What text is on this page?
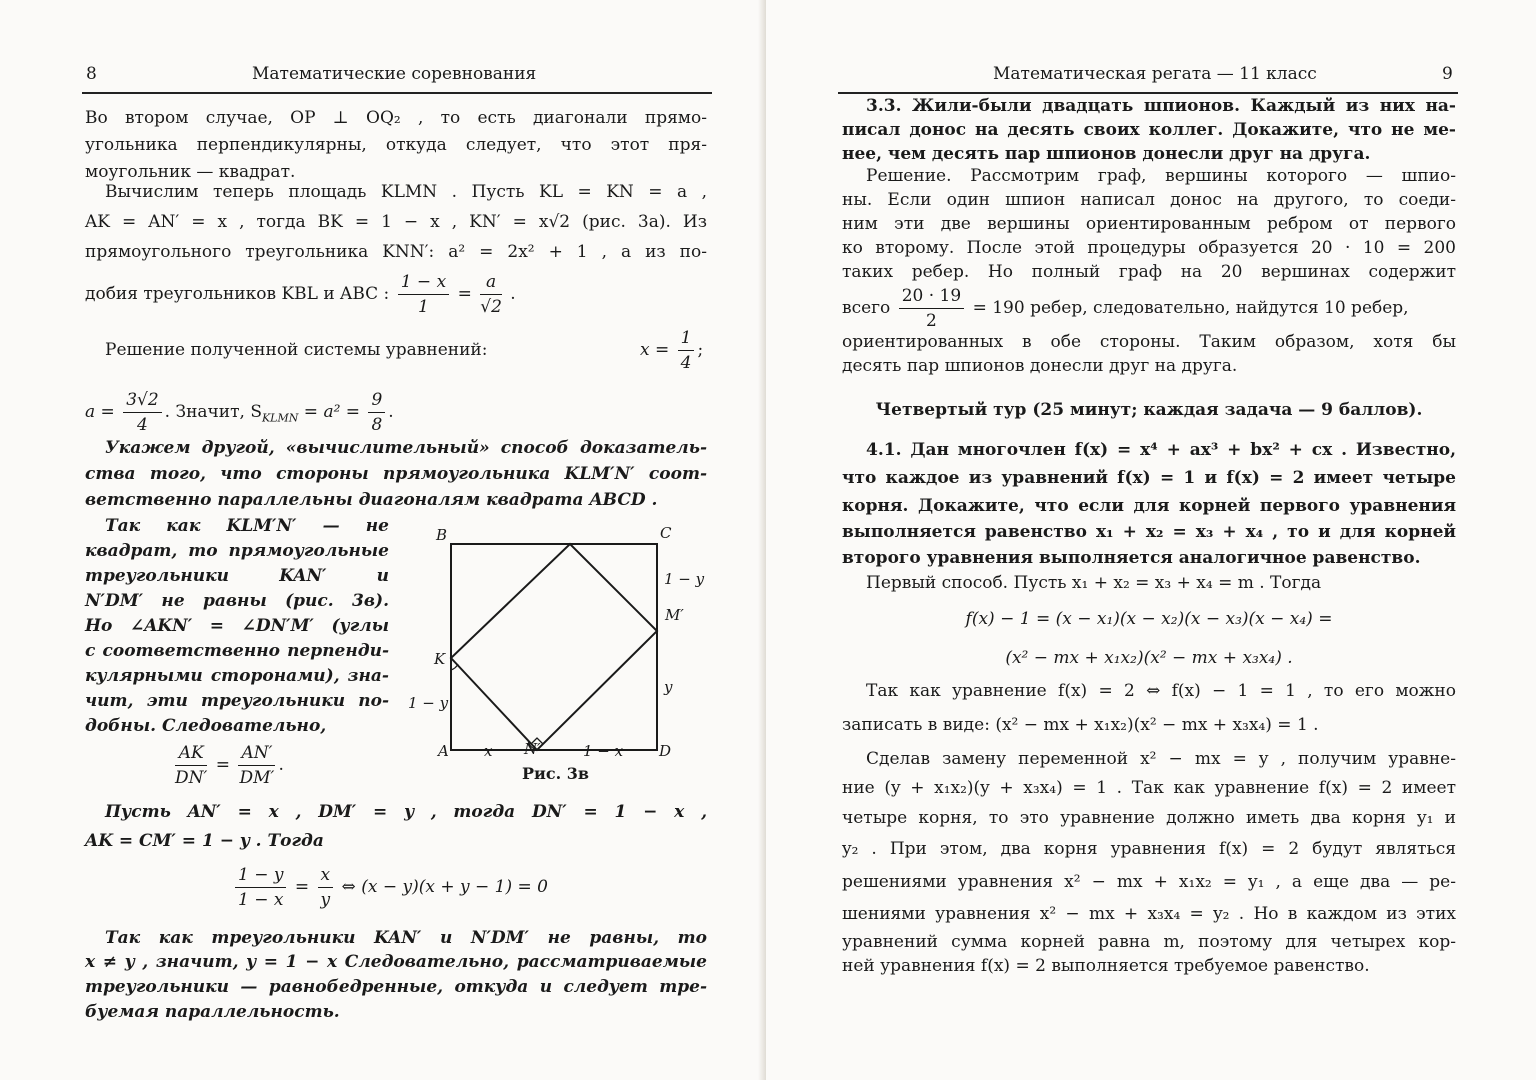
8	Математические соревнования
Во втором случае, OP ⊥ OQ₂ , то есть диагонали прямо-
угольника перпендикулярны, откуда следует, что этот пря-
моугольник — квадрат.
Вычислим теперь площадь KLMN . Пусть KL = KN = a ,
AK = AN′ = x , тогда BK = 1 − x , KN′ = x√2 (рис. 3а). Из
прямоугольного треугольника KNN′: a² = 2x² + 1 , а из по-
добия треугольников KBL и ABC : $\frac{1 - x}{1} = \frac{a}{√2}$ .
Решение полученной системы уравнений:	$x = \frac{1}{4}$ ;
$a = \frac{3√2}{4}$ . Значит, $S_{KLMN} = a^2 = \frac{9}{8}$ .
Укажем другой, «вычислительный» способ доказатель-
ства того, что стороны прямоугольника KLM′N′ соот-
ветственно параллельны диагоналям квадрата ABCD .
Так как KLM′N′ — не
квадрат, то прямоугольные
треугольники KAN′ и
N′DM′ не равны (рис. 3в).
Но ∠AKN′ = ∠DN′M′ (углы
с соответственно перпенди-
кулярными сторонами), зна-
чит, эти треугольники по-
добны. Следовательно,
$\frac{AK}{DN'} = \frac{AN'}{DM'}$ .
Пусть AN′ = x , DM′ = y , тогда DN′ = 1 − x ,
AK = CM′ = 1 − y . Тогда
$\frac{1 - y}{1 - x} = \frac{x}{y}$ ⇔ (x − y)(x + y − 1) = 0
Так как треугольники KAN′ и N′DM′ не равны, то
x ≠ y , значит, y = 1 − x Следовательно, рассматриваемые
треугольники — равнобедренные, откуда и следует тре-
буемая параллельность.
B	C
A	D
K
N′
M′
1 − y
y
1 − y
x	1 − x
Рис. 3в
Математическая регата — 11 класс	9
3.3. Жили-были двадцать шпионов. Каждый из них на-
писал донос на десять своих коллег. Докажите, что не ме-
нее, чем десять пар шпионов донесли друг на друга.
Решение. Рассмотрим граф, вершины которого — шпио-
ны. Если один шпион написал донос на другого, то соеди-
ним эти две вершины ориентированным ребром от первого
ко второму. После этой процедуры образуется 20 · 10 = 200
таких ребер. Но полный граф на 20 вершинах содержит
всего $\frac{20 \cdot 19}{2} = 190$ ребер, следовательно, найдутся 10 ребер,
ориентированных в обе стороны. Таким образом, хотя бы
десять пар шпионов донесли друг на друга.
Четвертый тур (25 минут; каждая задача — 9 баллов).
4.1. Дан многочлен f(x) = x⁴ + ax³ + bx² + cx . Известно,
что каждое из уравнений f(x) = 1 и f(x) = 2 имеет четыре
корня. Докажите, что если для корней первого уравнения
выполняется равенство x₁ + x₂ = x₃ + x₄ , то и для корней
второго уравнения выполняется аналогичное равенство.
Первый способ. Пусть x₁ + x₂ = x₃ + x₄ = m . Тогда
f(x) − 1 = (x − x₁)(x − x₂)(x − x₃)(x − x₄) =
(x² − mx + x₁x₂)(x² − mx + x₃x₄) .
Так как уравнение f(x) = 2 ⇔ f(x) − 1 = 1 , то его можно
записать в виде: (x² − mx + x₁x₂)(x² − mx + x₃x₄) = 1 .
Сделав замену переменной x² − mx = y , получим уравне-
ние (y + x₁x₂)(y + x₃x₄) = 1 . Так как уравнение f(x) = 2 имеет
четыре корня, то это уравнение должно иметь два корня y₁ и
y₂ . При этом, два корня уравнения f(x) = 2 будут являться
решениями уравнения x² − mx + x₁x₂ = y₁ , а еще два — ре-
шениями уравнения x² − mx + x₃x₄ = y₂ . Но в каждом из этих
уравнений сумма корней равна m, поэтому для четырех кор-
ней уравнения f(x) = 2 выполняется требуемое равенство.
